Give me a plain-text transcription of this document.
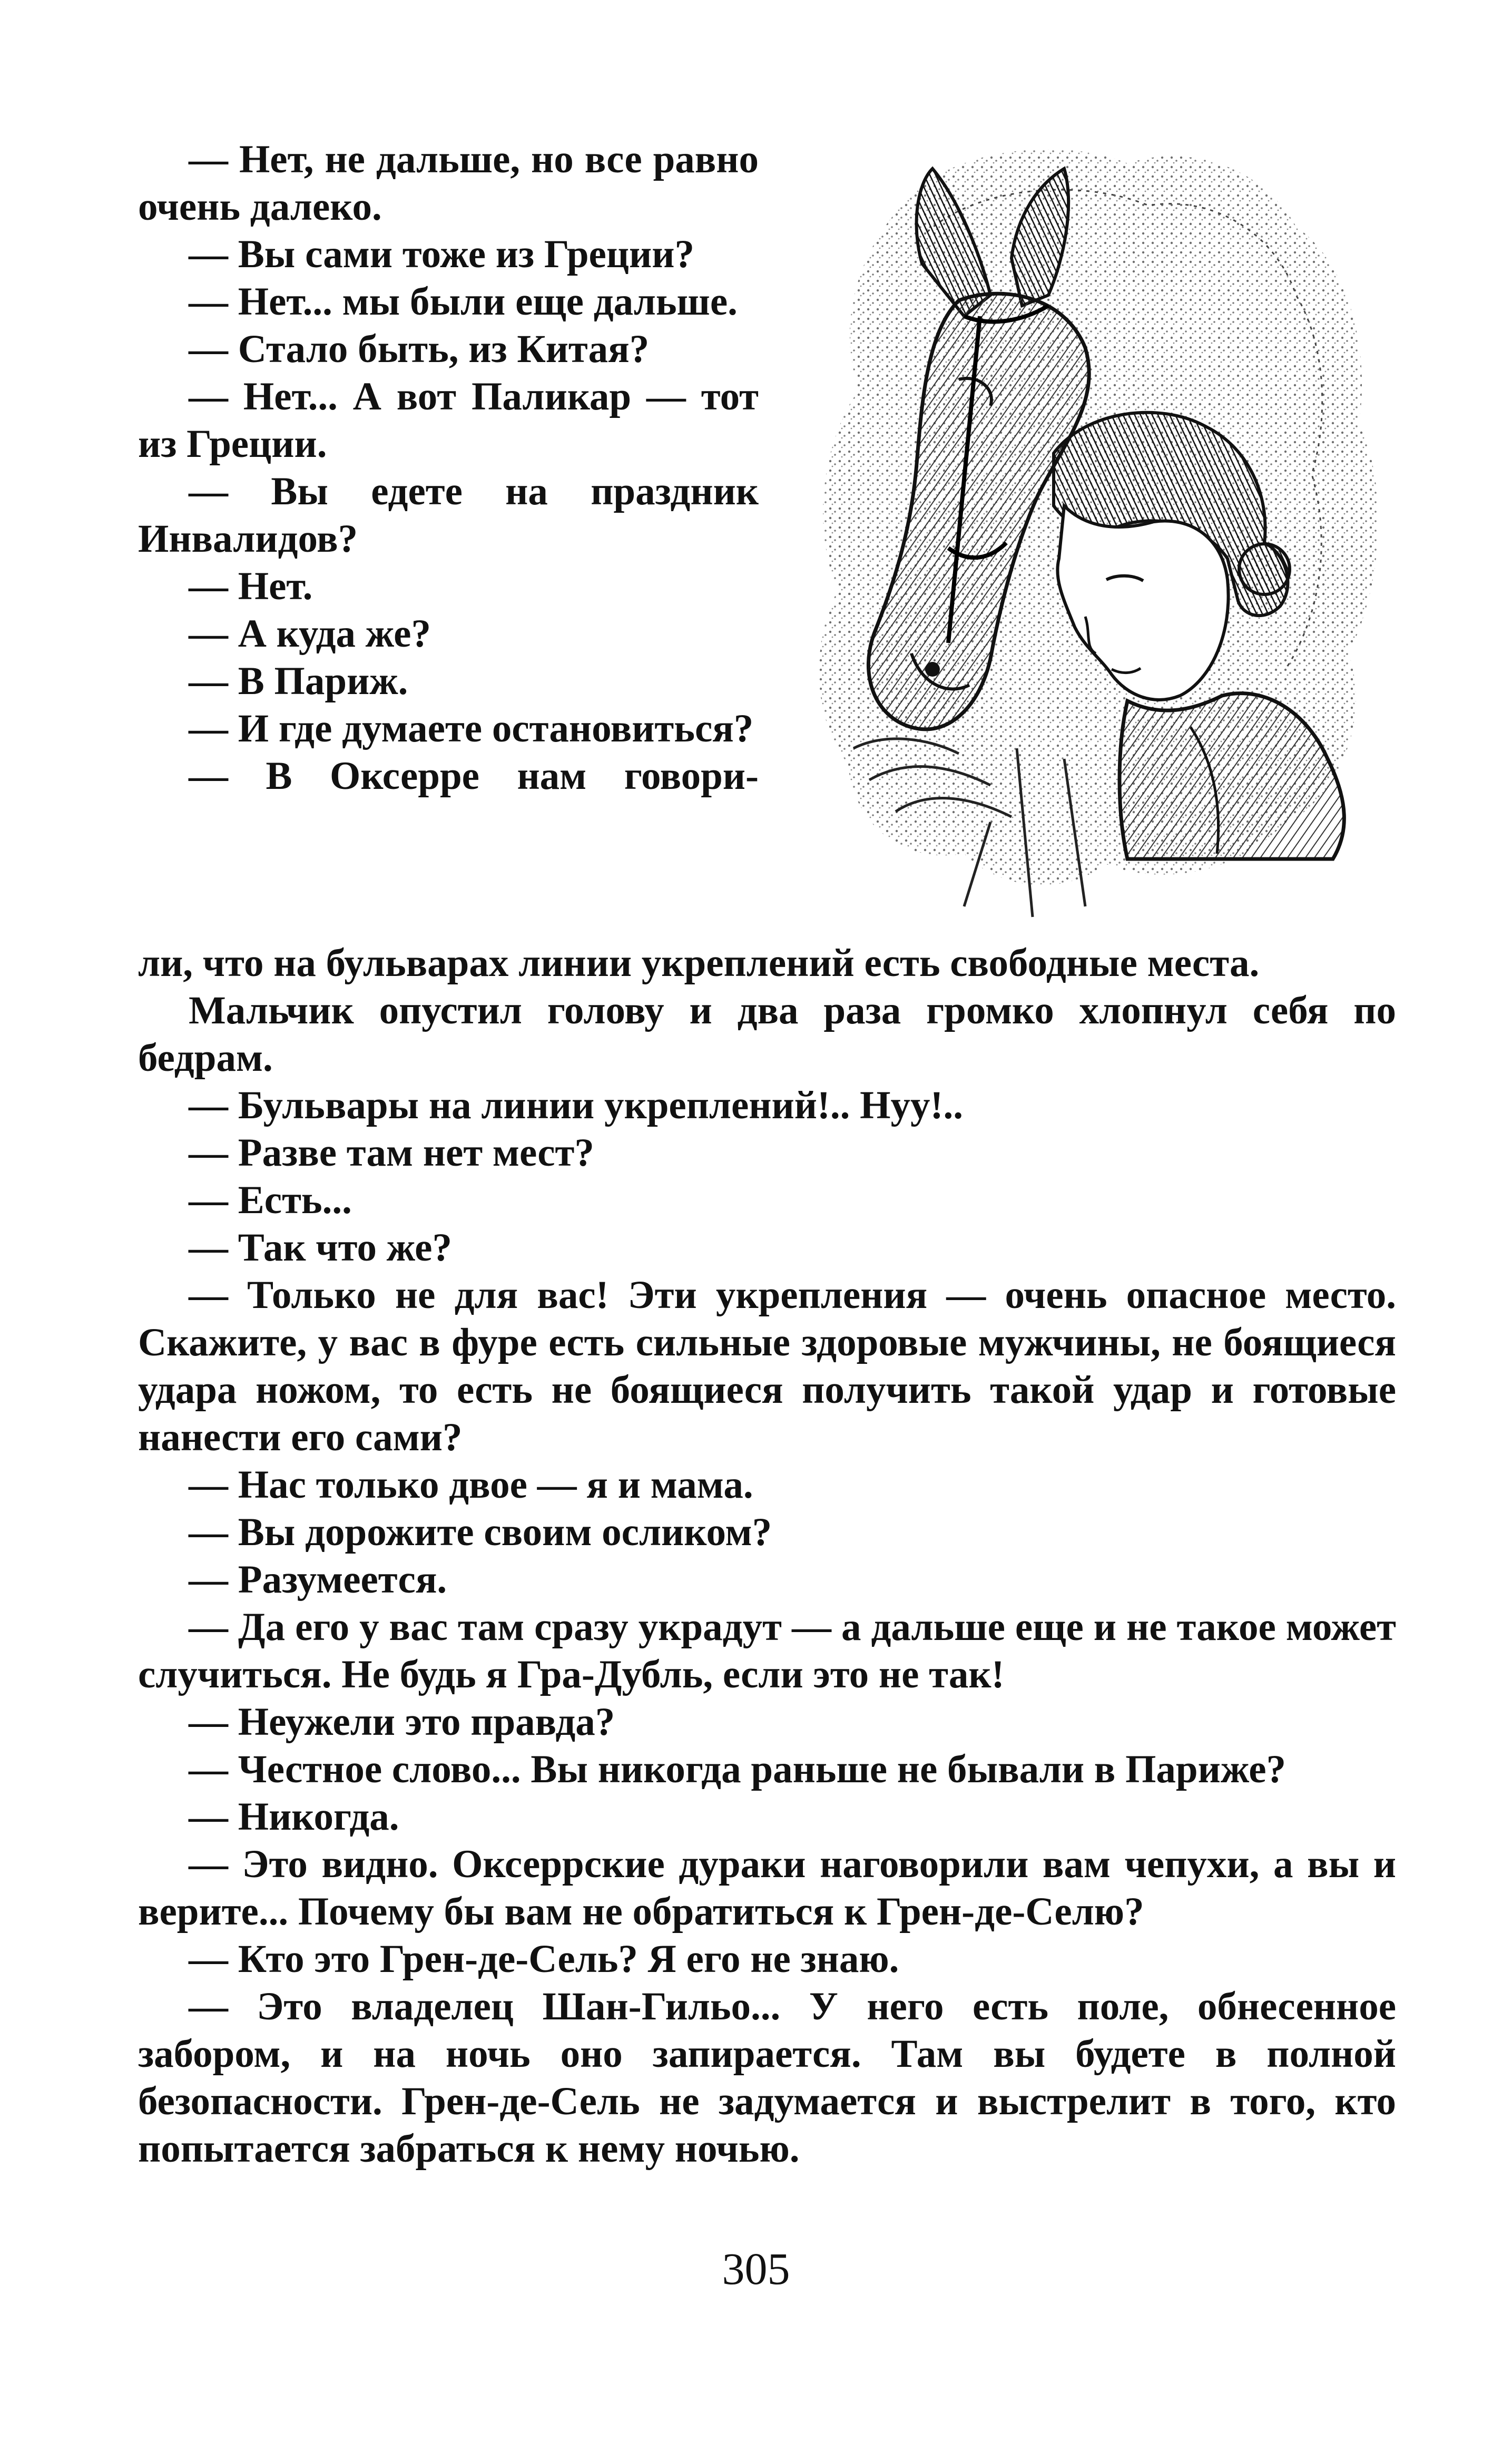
— Нет, не дальше, но все равно очень далеко.

— Вы сами тоже из Греции?

— Нет... мы были еще дальше.

— Стало быть, из Китая?

— Нет... А вот Паликар — тот из Греции.

— Вы едете на праздник Инвалидов?

— Нет.

— А куда же?

— В Париж.

— И где думаете остановиться?

— В Оксерре нам говори-

ли, что на бульварах линии укреплений есть свободные места.

Мальчик опустил голову и два раза громко хлопнул себя по бедрам.

— Бульвары на линии укреплений!.. Нуу!..

— Разве там нет мест?

— Есть...

— Так что же?

— Только не для вас! Эти укрепления — очень опасное место. Скажите, у вас в фуре есть сильные здоровые мужчины, не боящиеся удара ножом, то есть не боящиеся получить такой удар и готовые нанести его сами?

— Нас только двое — я и мама.

— Вы дорожите своим осликом?

— Разумеется.

— Да его у вас там сразу украдут — а дальше еще и не такое может случиться. Не будь я Гра-Дубль, если это не так!

— Неужели это правда?

— Честное слово... Вы никогда раньше не бывали в Париже?

— Никогда.

— Это видно. Оксеррские дураки наговорили вам чепухи, а вы и верите... Почему бы вам не обратиться к Грен-де-Селю?

— Кто это Грен-де-Сель? Я его не знаю.

— Это владелец Шан-Гильо... У него есть поле, обнесенное забором, и на ночь оно запирается. Там вы будете в полной безопасности. Грен-де-Сель не задумается и выстрелит в того, кто попытается забраться к нему ночью.

305
